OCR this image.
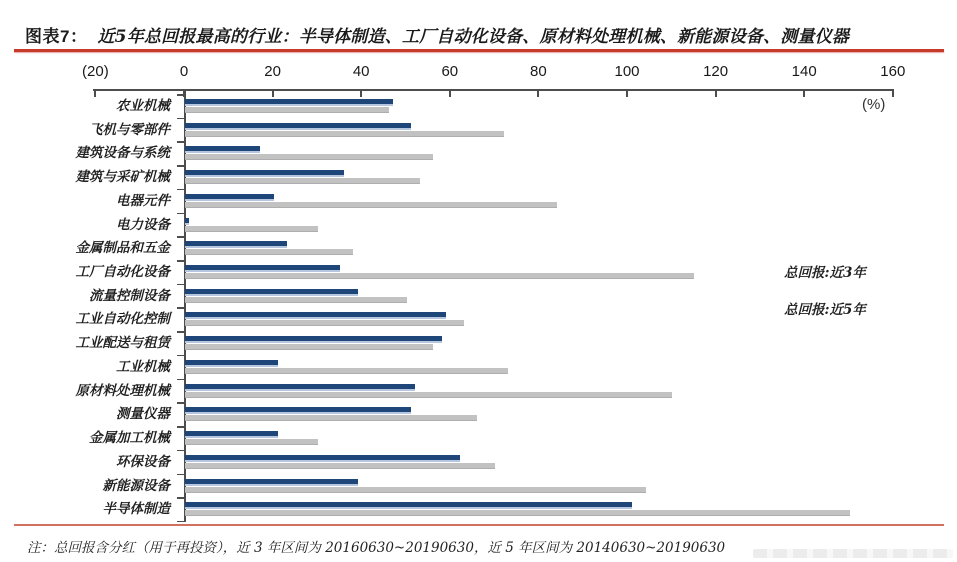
图表7： 近5年总回报最高的行业：半导体制造、工厂自动化设备、原材料处理机械、新能源设备、测量仪器
(20)	0	20	40	60	80	100	120	140	160
农业机械
飞机与零部件
建筑设备与系统
建筑与采矿机械
电器元件
电力设备
金属制品和五金
工厂自动化设备
流量控制设备
工业自动化控制
工业配送与租赁
工业机械
原材料处理机械
测量仪器
金属加工机械
环保设备
新能源设备
半导体制造
(%)
总回报:近3年
总回报:近5年
注：总回报含分红（用于再投资），近 3 年区间为 20160630~20190630，近 5 年区间为 20140630~20190630
